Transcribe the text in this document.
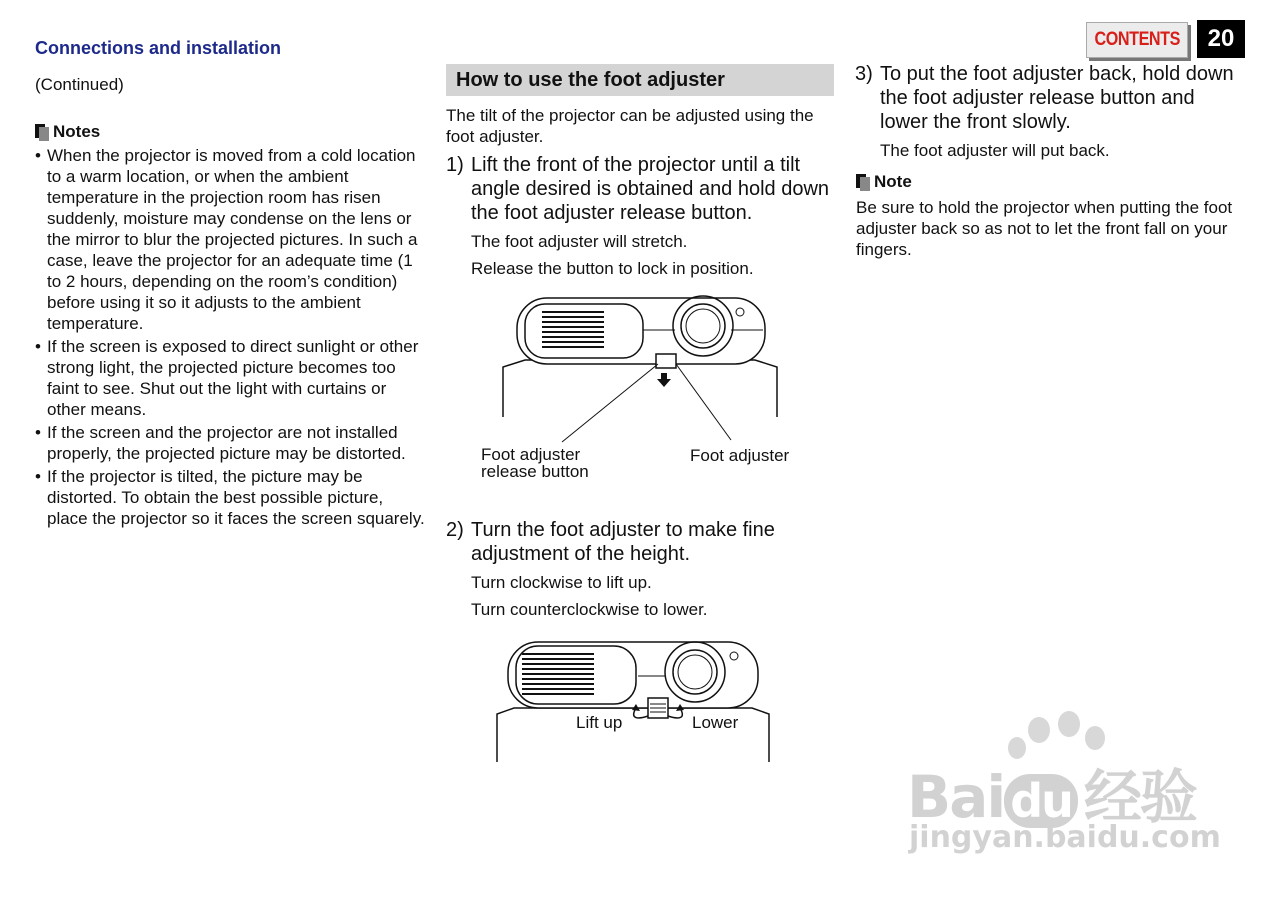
Connections and installation
(Continued)
Notes
• When the projector is moved from a cold location to a warm location, or when the ambient temperature in the projection room has risen suddenly, moisture may condense on the lens or the mirror to blur the projected pictures. In such a case, leave the projector for an adequate time (1 to 2 hours, depending on the room’s condition) before using it so it adjusts to the ambient temperature.
• If the screen is exposed to direct sunlight or other strong light, the projected picture becomes too faint to see. Shut out the light with curtains or other means.
• If the screen and the projector are not installed properly, the projected picture may be distorted.
• If the projector is tilted, the picture may be distorted. To obtain the best possible picture, place the projector so it faces the screen squarely.
How to use the foot adjuster
The tilt of the projector can be adjusted using the foot adjuster.
1) Lift the front of the projector until a tilt angle desired is obtained and hold down the foot adjuster release button.
The foot adjuster will stretch.
Release the button to lock in position.
Foot adjuster
release button
Foot adjuster
2) Turn the foot adjuster to make fine adjustment of the height.
Turn clockwise to lift up.
Turn counterclockwise to lower.
Lift up	Lower
CONTENTS	20
3) To put the foot adjuster back, hold down the foot adjuster release button and lower the front slowly.
The foot adjuster will put back.
Note
Be sure to hold the projector when putting the foot adjuster back so as not to let the front fall on your fingers.
Bai du 经验
jingyan.baidu.com
